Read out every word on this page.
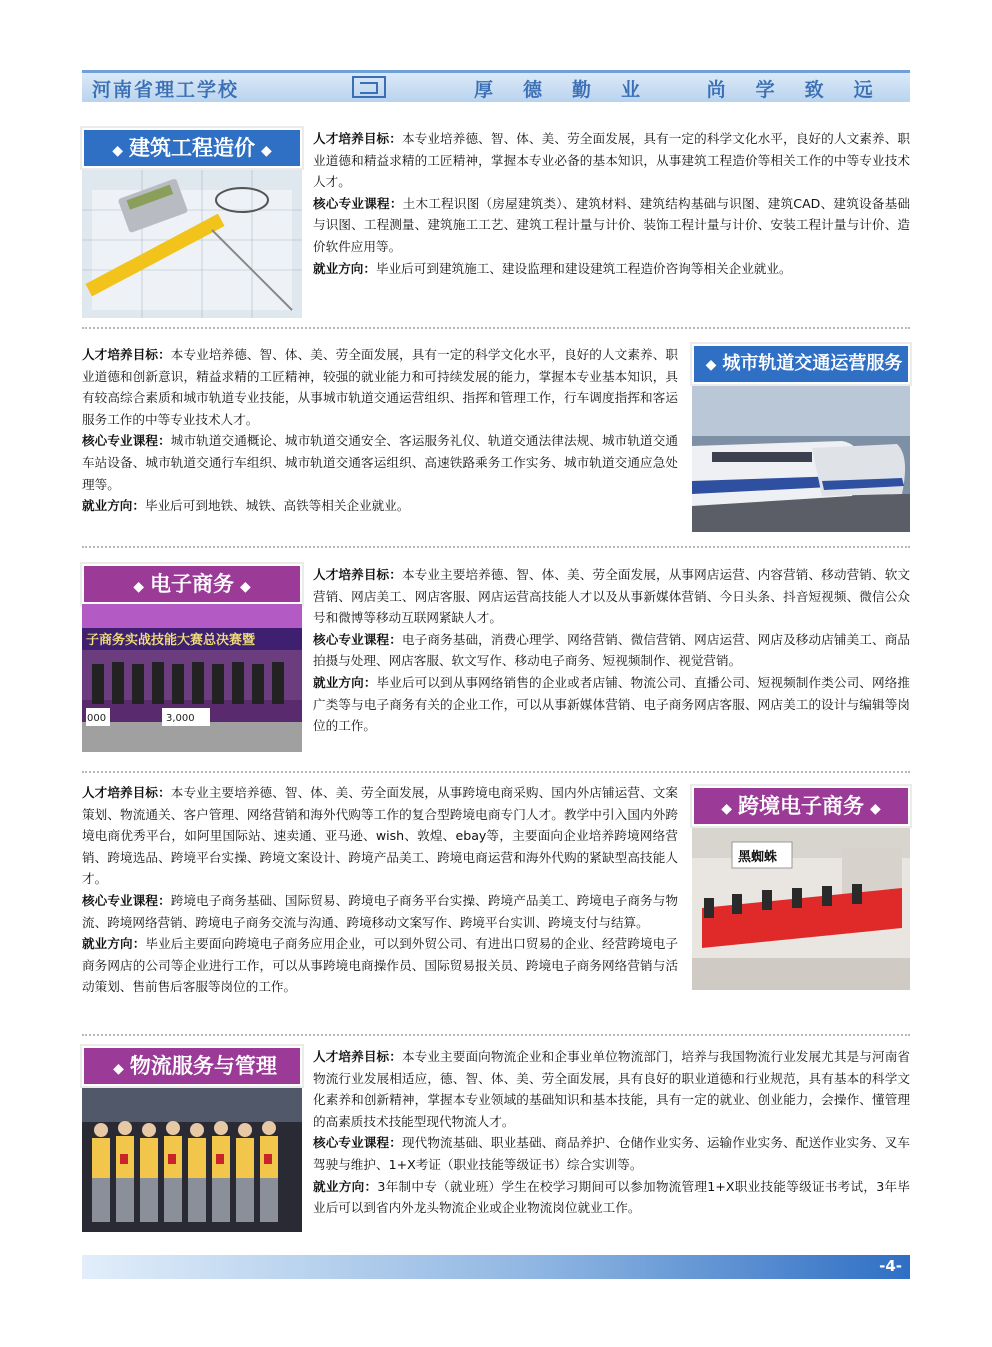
河南省理工学校	厚德勤业 尚学致远
◆ 建筑工程造价 ◆

人才培养目标：本专业培养德、智、体、美、劳全面发展，具有一定的科学文化水平，良好的人文素养、职业道德和精益求精的工匠精神，掌握本专业必备的基本知识，从事建筑工程造价等相关工作的中等专业技术人才。

核心专业课程：土木工程识图（房屋建筑类）、建筑材料、建筑结构基础与识图、建筑CAD、建筑设备基础与识图、工程测量、建筑施工工艺、建筑工程计量与计价、装饰工程计量与计价、安装工程计量与计价、造价软件应用等。

就业方向：毕业后可到建筑施工、建设监理和建设建筑工程造价咨询等相关企业就业。

人才培养目标：本专业培养德、智、体、美、劳全面发展，具有一定的科学文化水平，良好的人文素养、职业道德和创新意识，精益求精的工匠精神，较强的就业能力和可持续发展的能力，掌握本专业基本知识，具有较高综合素质和城市轨道专业技能，从事城市轨道交通运营组织、指挥和管理工作，行车调度指挥和客运服务工作的中等专业技术人才。

核心专业课程：城市轨道交通概论、城市轨道交通安全、客运服务礼仪、轨道交通法律法规、城市轨道交通车站设备、城市轨道交通行车组织、城市轨道交通客运组织、高速铁路乘务工作实务、城市轨道交通应急处理等。

就业方向：毕业后可到地铁、城铁、高铁等相关企业就业。

◆ 城市轨道交通运营服务
◆ 电子商务 ◆
子商务实战技能大赛总决赛暨
000	3,000

人才培养目标：本专业主要培养德、智、体、美、劳全面发展，从事网店运营、内容营销、移动营销、软文营销、网店美工、网店客服、网店运营高技能人才以及从事新媒体营销、今日头条、抖音短视频、微信公众号和微博等移动互联网紧缺人才。

核心专业课程：电子商务基础，消费心理学、网络营销、微信营销、网店运营、网店及移动店铺美工、商品拍摄与处理、网店客服、软文写作、移动电子商务、短视频制作、视觉营销。

就业方向：毕业后可以到从事网络销售的企业或者店铺、物流公司、直播公司、短视频制作类公司、网络推广类等与电子商务有关的企业工作，可以从事新媒体营销、电子商务网店客服、网店美工的设计与编辑等岗位的工作。

人才培养目标：本专业主要培养德、智、体、美、劳全面发展，从事跨境电商采购、国内外店铺运营、文案策划、物流通关、客户管理、网络营销和海外代购等工作的复合型跨境电商专门人才。教学中引入国内外跨境电商优秀平台，如阿里国际站、速卖通、亚马逊、wish、敦煌、ebay等，主要面向企业培养跨境网络营销、跨境选品、跨境平台实操、跨境文案设计、跨境产品美工、跨境电商运营和海外代购的紧缺型高技能人才。

核心专业课程：跨境电子商务基础、国际贸易、跨境电子商务平台实操、跨境产品美工、跨境电子商务与物流、跨境网络营销、跨境电子商务交流与沟通、跨境移动文案写作、跨境平台实训、跨境支付与结算。

就业方向：毕业后主要面向跨境电子商务应用企业，可以到外贸公司、有进出口贸易的企业、经营跨境电子商务网店的公司等企业进行工作，可以从事跨境电商操作员、国际贸易报关员、跨境电子商务网络营销与活动策划、售前售后客服等岗位的工作。

◆ 跨境电子商务 ◆
黑蜘蛛
◆ 物流服务与管理	人才培养目标：本专业主要面向物流企业和企事业单位物流部门，培养与我国物流行业发展尤其是与河南省物流行业发展相适应，德、智、体、美、劳全面发展，具有良好的职业道德和行业规范，具有基本的科学文化素养和创新精神，掌握本专业领域的基础知识和基本技能，具有一定的就业、创业能力，会操作、懂管理的高素质技术技能型现代物流人才。

核心专业课程：现代物流基础、职业基础、商品养护、仓储作业实务、运输作业实务、配送作业实务、叉车驾驶与维护、1+X考证（职业技能等级证书）综合实训等。

就业方向：3年制中专（就业班）学生在校学习期间可以参加物流管理1+X职业技能等级证书考试，3年毕业后可以到省内外龙头物流企业或企业物流岗位就业工作。

-4-
